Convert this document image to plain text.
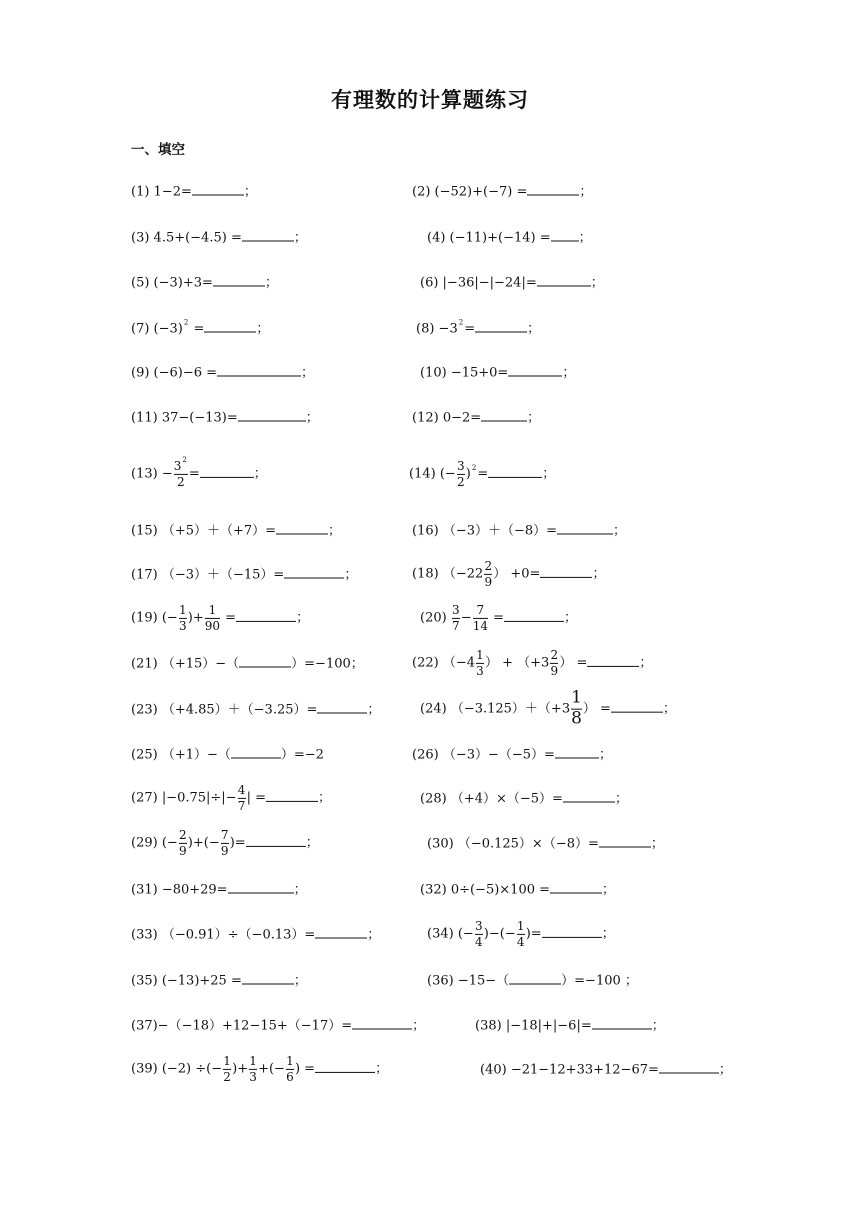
有理数的计算题练习
一、填空
(1) 1−2=	；	(2) (−52)+(−7) =	；
(3) 4.5+(−4.5) =	；	(4) (−11)+(−14) = ；
(5) (−3)+3=	；	(6) |−36|−|−24|=	；
(7) $(-3)^2$ =	；	$(8) -3^2=$	；
(9) (−6)−6 =	；	(10) −15+0=	；
(11) 37−(−13)=	；	(12) 0−2=	；
$(13) - \frac{3^2}{2}$ =	；	(14) (− $\frac{3}{2} )^2=$	；
(15) （+5）＋（+7）=	；	(16) （−3）＋（−8）=	；
(17) （−3）＋（−15）=	；	(18) （$-22 \frac{2}{9}$ ） +0=	；
(19) (− $\frac{1}{3}$ )+ $\frac{1}{90}$ =	；	$(20) \frac{3}{7} - \frac{7}{14}$ =	；
(21) （+15）−（	）=−100；	(22) （$-4 \frac{1}{3}$ ） + （$+3 \frac{2}{9}$ ） =	；
(23) （+4.85）＋（−3.25）=	；	(24) $(-3.125)+(+3 \frac{1}{8}$ ） =	；
(25) （+1）−（	）=−2	(26) （−3）−（−5）=	；
(27) $|-0.75|\div|- \frac{4}{7}$ | =	；	(28) （+4）×（−5）=	；
(29) (− $\frac{2}{9}$ )+(− $\frac{7}{9}$ )=	；	(30) （−0.125）×（−8）=	；
(31) −80+29=	；	(32) 0÷(−5)×100 =	；
(33) （−0.91）÷（−0.13）=	；	(34) (− $\frac{3}{4}$ )−(− $\frac{1}{4}$ )=	；
(35) (−13)+25 =	；	(36) −15−（	）=−100 ；
(37)−（−18）+12−15+（−17）=	；	(38) |−18|+|−6|=	；
(39) (−2) ÷(− $\frac{1}{2}$ )+ $\frac{1}{3}$ +(− $\frac{1}{6}$ ) =	；	(40) −21−12+33+12−67=	；
